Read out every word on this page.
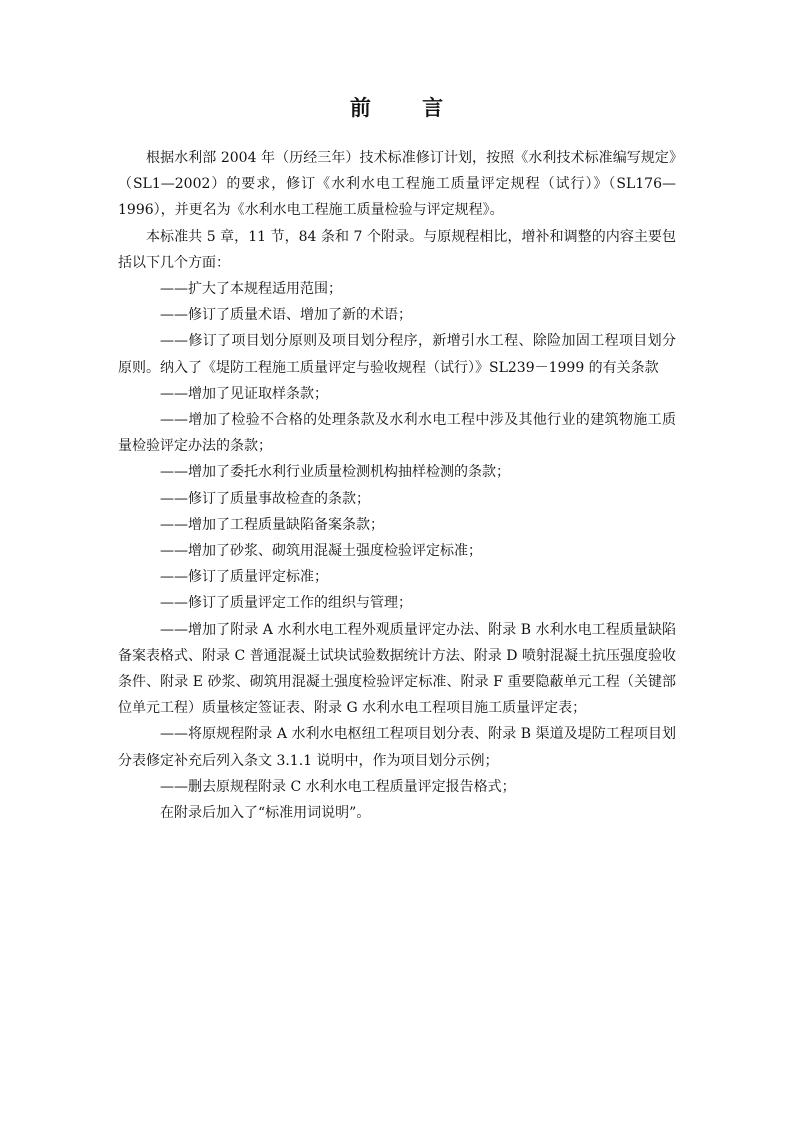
前 言

根据水利部 2004 年（历经三年）技术标准修订计划，按照《水利技术标准编写规定》（SL1—2002）的要求，修订《水利水电工程施工质量评定规程（试行）》（SL176—1996），并更名为《水利水电工程施工质量检验与评定规程》。

本标准共 5 章，11 节，84 条和 7 个附录。与原规程相比，增补和调整的内容主要包括以下几个方面：

——扩大了本规程适用范围；

——修订了质量术语、增加了新的术语；

——修订了项目划分原则及项目划分程序，新增引水工程、除险加固工程项目划分原则。纳入了《堤防工程施工质量评定与验收规程（试行）》SL239－1999 的有关条款

——增加了见证取样条款；

——增加了检验不合格的处理条款及水利水电工程中涉及其他行业的建筑物施工质量检验评定办法的条款；

——增加了委托水利行业质量检测机构抽样检测的条款；

——修订了质量事故检查的条款；

——增加了工程质量缺陷备案条款；

——增加了砂浆、砌筑用混凝土强度检验评定标准；

——修订了质量评定标准；

——修订了质量评定工作的组织与管理；

——增加了附录 A 水利水电工程外观质量评定办法、附录 B 水利水电工程质量缺陷备案表格式、附录 C 普通混凝土试块试验数据统计方法、附录 D 喷射混凝土抗压强度验收条件、附录 E 砂浆、砌筑用混凝土强度检验评定标准、附录 F 重要隐蔽单元工程（关键部位单元工程）质量核定签证表、附录 G 水利水电工程项目施工质量评定表；

——将原规程附录 A 水利水电枢纽工程项目划分表、附录 B 渠道及堤防工程项目划分表修定补充后列入条文 3.1.1 说明中，作为项目划分示例；

——删去原规程附录 C 水利水电工程质量评定报告格式；

在附录后加入了“标准用词说明”。
